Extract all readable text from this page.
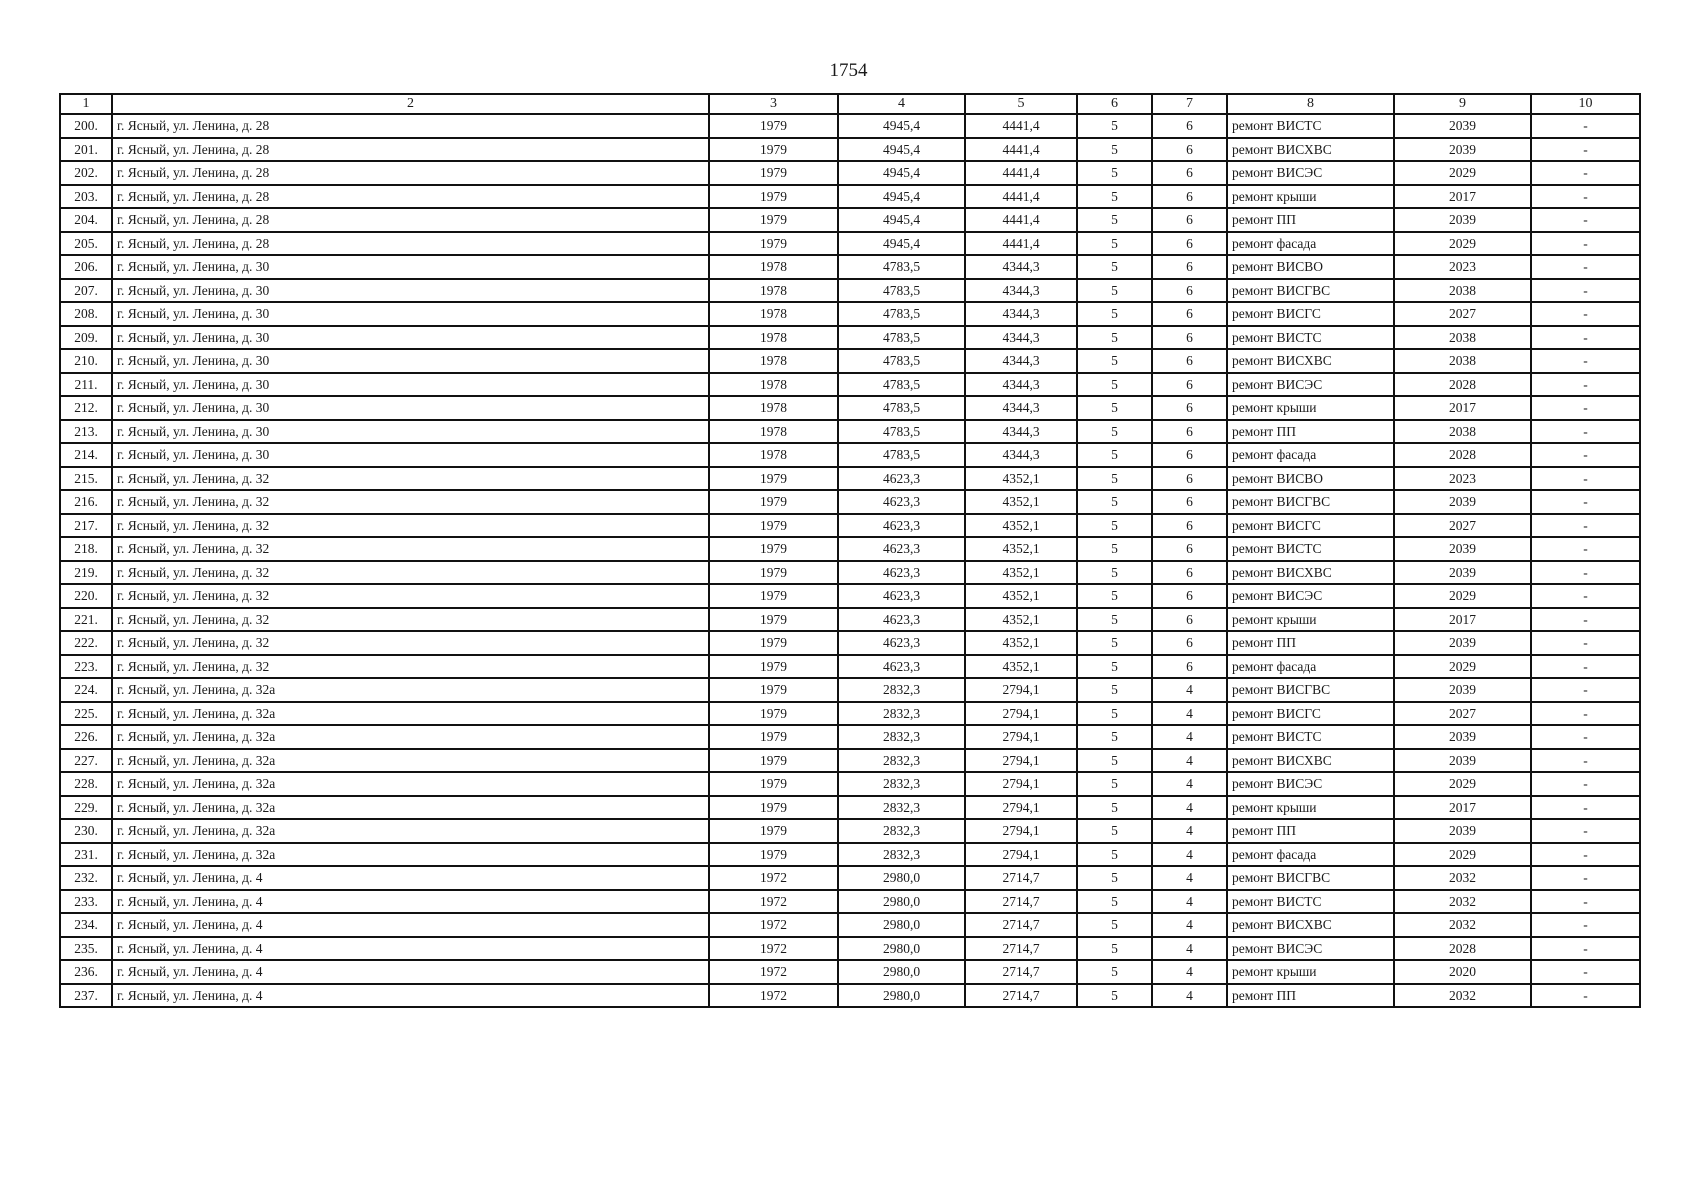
1754
1	2	3	4	5	6	7	8	9	10
200.	г. Ясный, ул. Ленина, д. 28	1979	4945,4	4441,4	5	6	ремонт ВИСТС	2039	-
201.	г. Ясный, ул. Ленина, д. 28	1979	4945,4	4441,4	5	6	ремонт ВИСХВС	2039	-
202.	г. Ясный, ул. Ленина, д. 28	1979	4945,4	4441,4	5	6	ремонт ВИСЭС	2029	-
203.	г. Ясный, ул. Ленина, д. 28	1979	4945,4	4441,4	5	6	ремонт крыши	2017	-
204.	г. Ясный, ул. Ленина, д. 28	1979	4945,4	4441,4	5	6	ремонт ПП	2039	-
205.	г. Ясный, ул. Ленина, д. 28	1979	4945,4	4441,4	5	6	ремонт фасада	2029	-
206.	г. Ясный, ул. Ленина, д. 30	1978	4783,5	4344,3	5	6	ремонт ВИСВО	2023	-
207.	г. Ясный, ул. Ленина, д. 30	1978	4783,5	4344,3	5	6	ремонт ВИСГВС	2038	-
208.	г. Ясный, ул. Ленина, д. 30	1978	4783,5	4344,3	5	6	ремонт ВИСГС	2027	-
209.	г. Ясный, ул. Ленина, д. 30	1978	4783,5	4344,3	5	6	ремонт ВИСТС	2038	-
210.	г. Ясный, ул. Ленина, д. 30	1978	4783,5	4344,3	5	6	ремонт ВИСХВС	2038	-
211.	г. Ясный, ул. Ленина, д. 30	1978	4783,5	4344,3	5	6	ремонт ВИСЭС	2028	-
212.	г. Ясный, ул. Ленина, д. 30	1978	4783,5	4344,3	5	6	ремонт крыши	2017	-
213.	г. Ясный, ул. Ленина, д. 30	1978	4783,5	4344,3	5	6	ремонт ПП	2038	-
214.	г. Ясный, ул. Ленина, д. 30	1978	4783,5	4344,3	5	6	ремонт фасада	2028	-
215.	г. Ясный, ул. Ленина, д. 32	1979	4623,3	4352,1	5	6	ремонт ВИСВО	2023	-
216.	г. Ясный, ул. Ленина, д. 32	1979	4623,3	4352,1	5	6	ремонт ВИСГВС	2039	-
217.	г. Ясный, ул. Ленина, д. 32	1979	4623,3	4352,1	5	6	ремонт ВИСГС	2027	-
218.	г. Ясный, ул. Ленина, д. 32	1979	4623,3	4352,1	5	6	ремонт ВИСТС	2039	-
219.	г. Ясный, ул. Ленина, д. 32	1979	4623,3	4352,1	5	6	ремонт ВИСХВС	2039	-
220.	г. Ясный, ул. Ленина, д. 32	1979	4623,3	4352,1	5	6	ремонт ВИСЭС	2029	-
221.	г. Ясный, ул. Ленина, д. 32	1979	4623,3	4352,1	5	6	ремонт крыши	2017	-
222.	г. Ясный, ул. Ленина, д. 32	1979	4623,3	4352,1	5	6	ремонт ПП	2039	-
223.	г. Ясный, ул. Ленина, д. 32	1979	4623,3	4352,1	5	6	ремонт фасада	2029	-
224.	г. Ясный, ул. Ленина, д. 32а	1979	2832,3	2794,1	5	4	ремонт ВИСГВС	2039	-
225.	г. Ясный, ул. Ленина, д. 32а	1979	2832,3	2794,1	5	4	ремонт ВИСГС	2027	-
226.	г. Ясный, ул. Ленина, д. 32а	1979	2832,3	2794,1	5	4	ремонт ВИСТС	2039	-
227.	г. Ясный, ул. Ленина, д. 32а	1979	2832,3	2794,1	5	4	ремонт ВИСХВС	2039	-
228.	г. Ясный, ул. Ленина, д. 32а	1979	2832,3	2794,1	5	4	ремонт ВИСЭС	2029	-
229.	г. Ясный, ул. Ленина, д. 32а	1979	2832,3	2794,1	5	4	ремонт крыши	2017	-
230.	г. Ясный, ул. Ленина, д. 32а	1979	2832,3	2794,1	5	4	ремонт ПП	2039	-
231.	г. Ясный, ул. Ленина, д. 32а	1979	2832,3	2794,1	5	4	ремонт фасада	2029	-
232.	г. Ясный, ул. Ленина, д. 4	1972	2980,0	2714,7	5	4	ремонт ВИСГВС	2032	-
233.	г. Ясный, ул. Ленина, д. 4	1972	2980,0	2714,7	5	4	ремонт ВИСТС	2032	-
234.	г. Ясный, ул. Ленина, д. 4	1972	2980,0	2714,7	5	4	ремонт ВИСХВС	2032	-
235.	г. Ясный, ул. Ленина, д. 4	1972	2980,0	2714,7	5	4	ремонт ВИСЭС	2028	-
236.	г. Ясный, ул. Ленина, д. 4	1972	2980,0	2714,7	5	4	ремонт крыши	2020	-
237.	г. Ясный, ул. Ленина, д. 4	1972	2980,0	2714,7	5	4	ремонт ПП	2032	-
